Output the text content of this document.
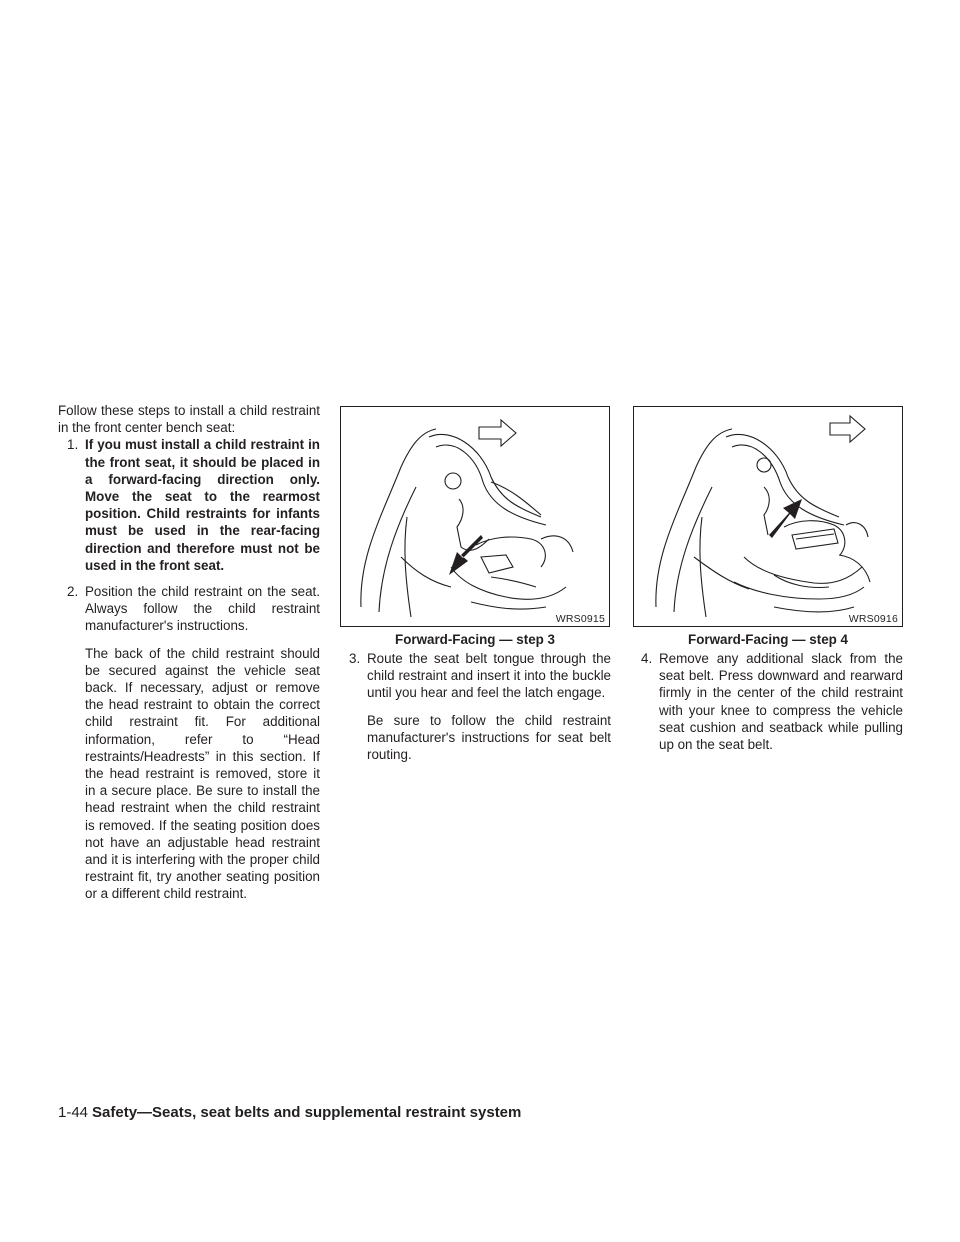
Follow these steps to install a child restraint in the front center bench seat:

1. If you must install a child restraint in the front seat, it should be placed in a forward-facing direction only. Move the seat to the rearmost position. Child restraints for infants must be used in the rear-facing direction and therefore must not be used in the front seat.
2. Position the child restraint on the seat. Always follow the child restraint manufacturer's instructions.

The back of the child restraint should be secured against the vehicle seat back. If necessary, adjust or remove the head restraint to obtain the correct child restraint fit. For additional information, refer to “Head restraints/Headrests” in this section. If the head restraint is removed, store it in a secure place. Be sure to install the head restraint when the child restraint is removed. If the seating position does not have an adjustable head restraint and it is interfering with the proper child restraint fit, try another seating position or a different child restraint.

WRS0915
Forward-Facing — step 3
3. Route the seat belt tongue through the child restraint and insert it into the buckle until you hear and feel the latch engage.

Be sure to follow the child restraint manufacturer's instructions for seat belt routing.

WRS0916
Forward-Facing — step 4
4. Remove any additional slack from the seat belt. Press downward and rearward firmly in the center of the child restraint with your knee to compress the vehicle seat cushion and seatback while pulling up on the seat belt.
1-44 Safety—Seats, seat belts and supplemental restraint system
